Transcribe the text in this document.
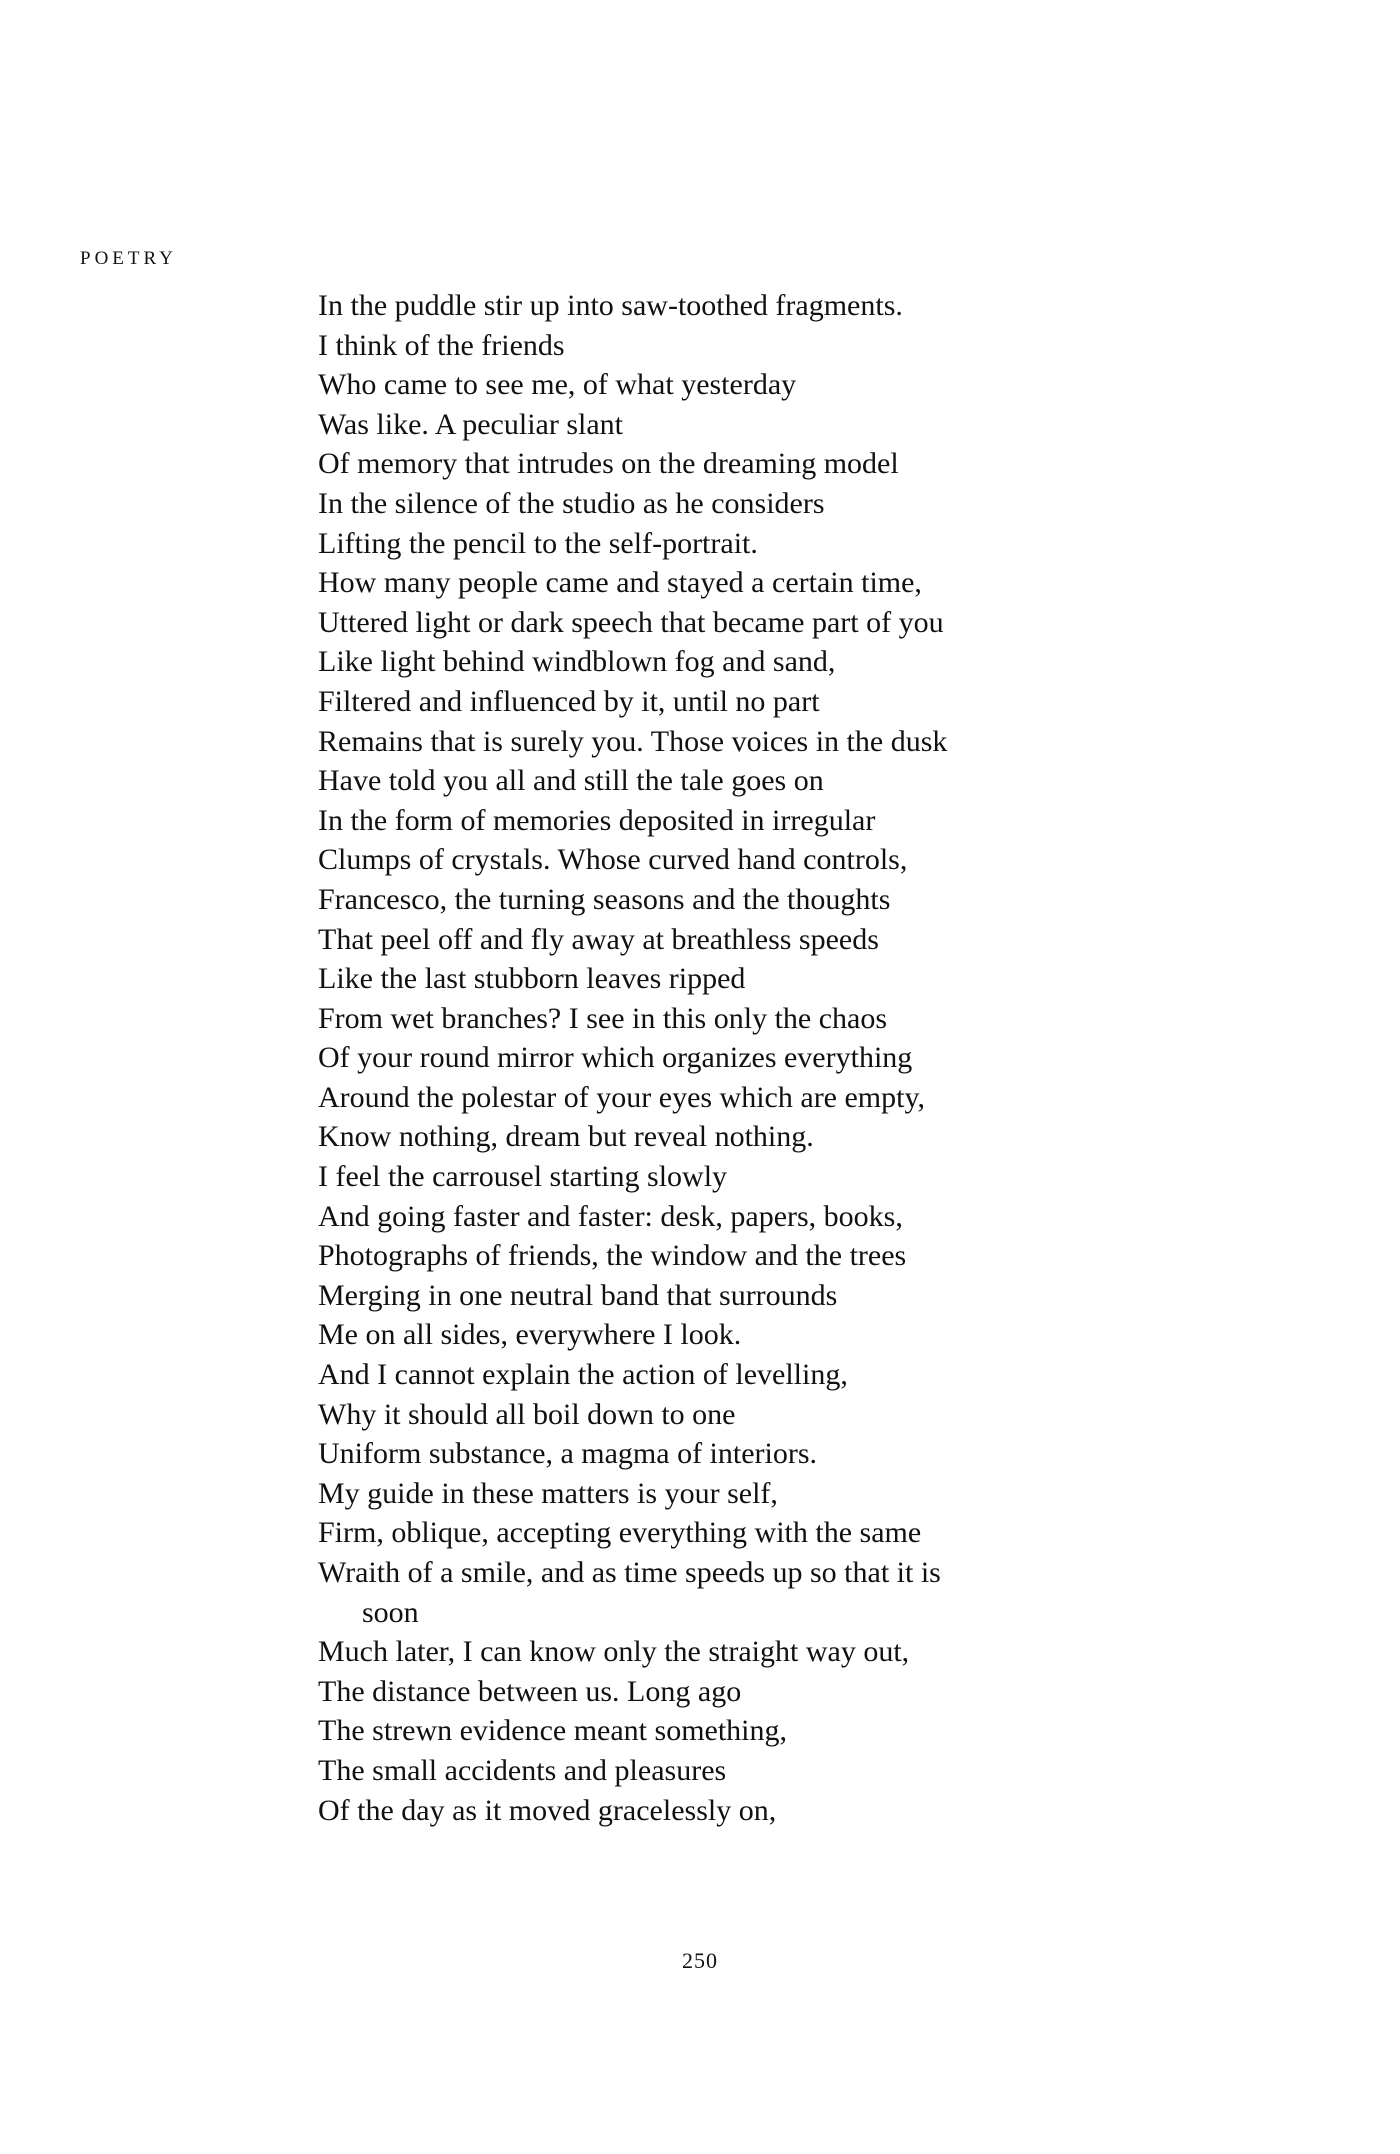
POETRY
In the puddle stir up into saw-toothed fragments.
I think of the friends
Who came to see me, of what yesterday
Was like. A peculiar slant
Of memory that intrudes on the dreaming model
In the silence of the studio as he considers
Lifting the pencil to the self-portrait.
How many people came and stayed a certain time,
Uttered light or dark speech that became part of you
Like light behind windblown fog and sand,
Filtered and influenced by it, until no part
Remains that is surely you. Those voices in the dusk
Have told you all and still the tale goes on
In the form of memories deposited in irregular
Clumps of crystals. Whose curved hand controls,
Francesco, the turning seasons and the thoughts
That peel off and fly away at breathless speeds
Like the last stubborn leaves ripped
From wet branches? I see in this only the chaos
Of your round mirror which organizes everything
Around the polestar of your eyes which are empty,
Know nothing, dream but reveal nothing.
I feel the carrousel starting slowly
And going faster and faster: desk, papers, books,
Photographs of friends, the window and the trees
Merging in one neutral band that surrounds
Me on all sides, everywhere I look.
And I cannot explain the action of levelling,
Why it should all boil down to one
Uniform substance, a magma of interiors.
My guide in these matters is your self,
Firm, oblique, accepting everything with the same
Wraith of a smile, and as time speeds up so that it is
soon
Much later, I can know only the straight way out,
The distance between us. Long ago
The strewn evidence meant something,
The small accidents and pleasures
Of the day as it moved gracelessly on,
250
